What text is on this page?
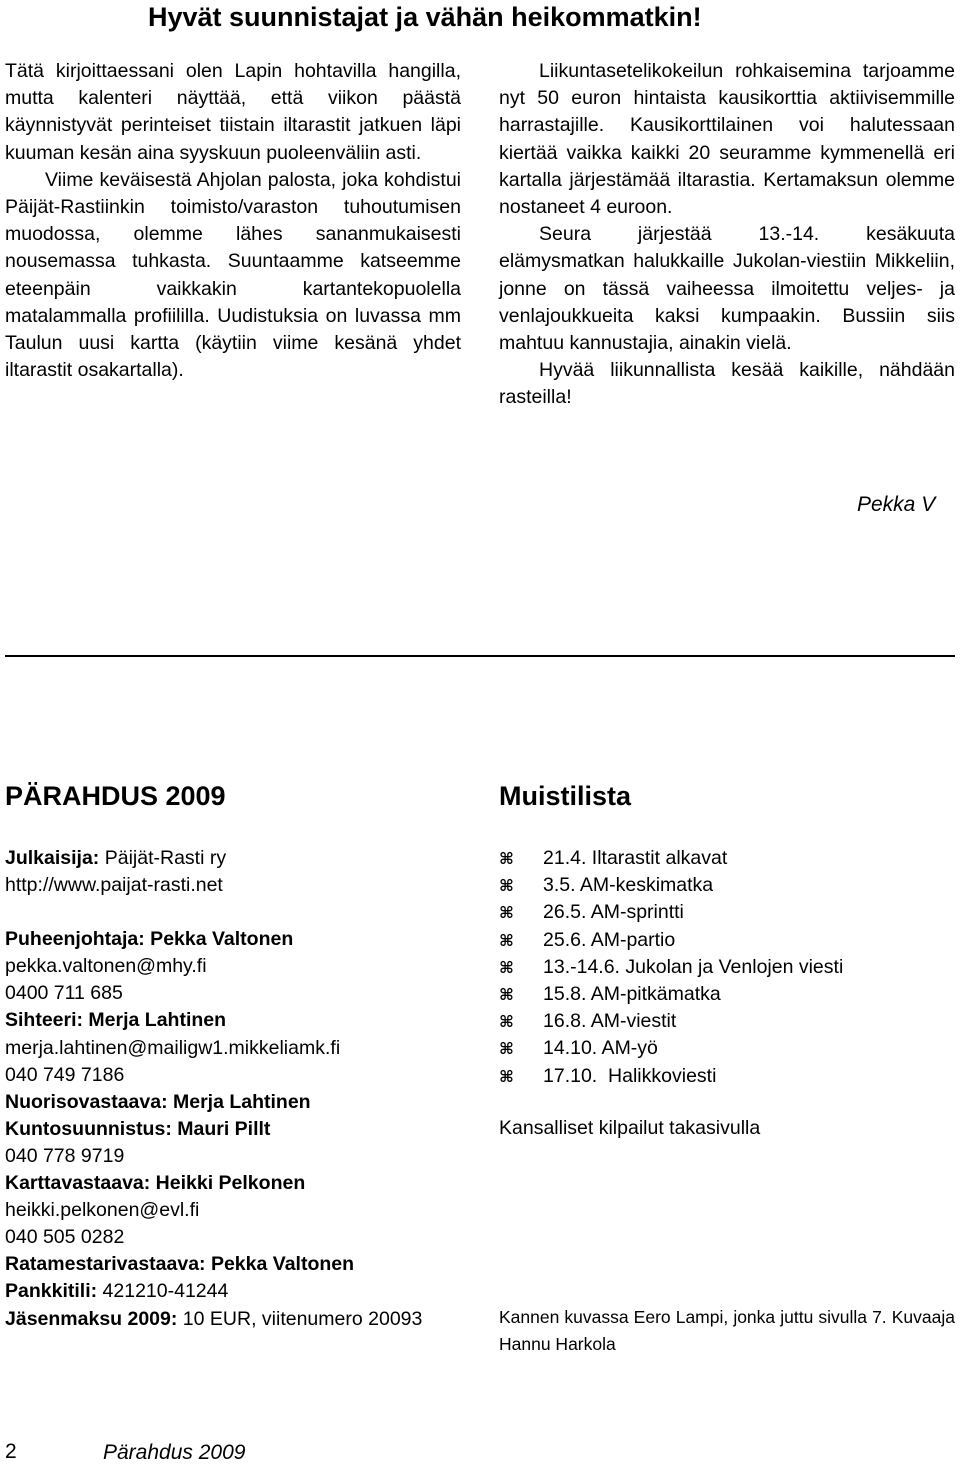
Hyvät suunnistajat ja vähän heikommatkin!

Tätä kirjoittaessani olen Lapin hohtavilla hangilla, mutta kalenteri näyttää, että viikon päästä käynnistyvät perinteiset tiistain iltarastit jatkuen läpi kuuman kesän aina syyskuun puoleenväliin asti.

Viime keväisestä Ahjolan palosta, joka kohdistui Päijät-Rastiinkin toimisto/varaston tuhoutumisen muodossa, olemme lähes sananmukaisesti nousemassa tuhkasta. Suuntaamme katseemme eteenpäin vaikkakin kartantekopuolella matalammalla profiililla. Uudistuksia on luvassa mm Taulun uusi kartta (käytiin viime kesänä yhdet iltarastit osakartalla).

Liikuntasetelikokeilun rohkaisemina tarjoamme nyt 50 euron hintaista kausikorttia aktiivisemmille harrastajille. Kausikorttilainen voi halutessaan kiertää vaikka kaikki 20 seuramme kymmenellä eri kartalla järjestämää iltarastia. Kertamaksun olemme nostaneet 4 euroon.

Seura järjestää 13.-14. kesäkuuta elämysmatkan halukkaille Jukolan-viestiin Mikkeliin, jonne on tässä vaiheessa ilmoitettu veljes- ja venlajoukkueita kaksi kumpaakin. Bussiin siis mahtuu kannustajia, ainakin vielä.

Hyvää liikunnallista kesää kaikille, nähdään rasteilla!

Pekka V
PÄRAHDUS 2009	Muistilista
Julkaisija: Päijät-Rasti ry
http://www.paijat-rasti.net
Puheenjohtaja: Pekka Valtonen
pekka.valtonen@mhy.fi
0400 711 685
Sihteeri: Merja Lahtinen
merja.lahtinen@mailigw1.mikkeliamk.fi
040 749 7186
Nuorisovastaava: Merja Lahtinen
Kuntosuunnistus: Mauri Pillt
040 778 9719
Karttavastaava: Heikki Pelkonen
heikki.pelkonen@evl.fi
040 505 0282
Ratamestarivastaava: Pekka Valtonen
Pankkitili: 421210-41244
Jäsenmaksu 2009: 10 EUR, viitenumero 20093
⌘	21.4. Iltarastit alkavat
⌘	3.5. AM-keskimatka
⌘	26.5. AM-sprintti
⌘	25.6. AM-partio
⌘	13.-14.6. Jukolan ja Venlojen viesti
⌘	15.8. AM-pitkämatka
⌘	16.8. AM-viestit
⌘	14.10. AM-yö
⌘	17.10.  Halikkoviesti
Kansalliset kilpailut takasivulla
Kannen kuvassa Eero Lampi, jonka juttu sivulla 7. Kuvaaja Hannu Harkola
2	Pärahdus 2009
